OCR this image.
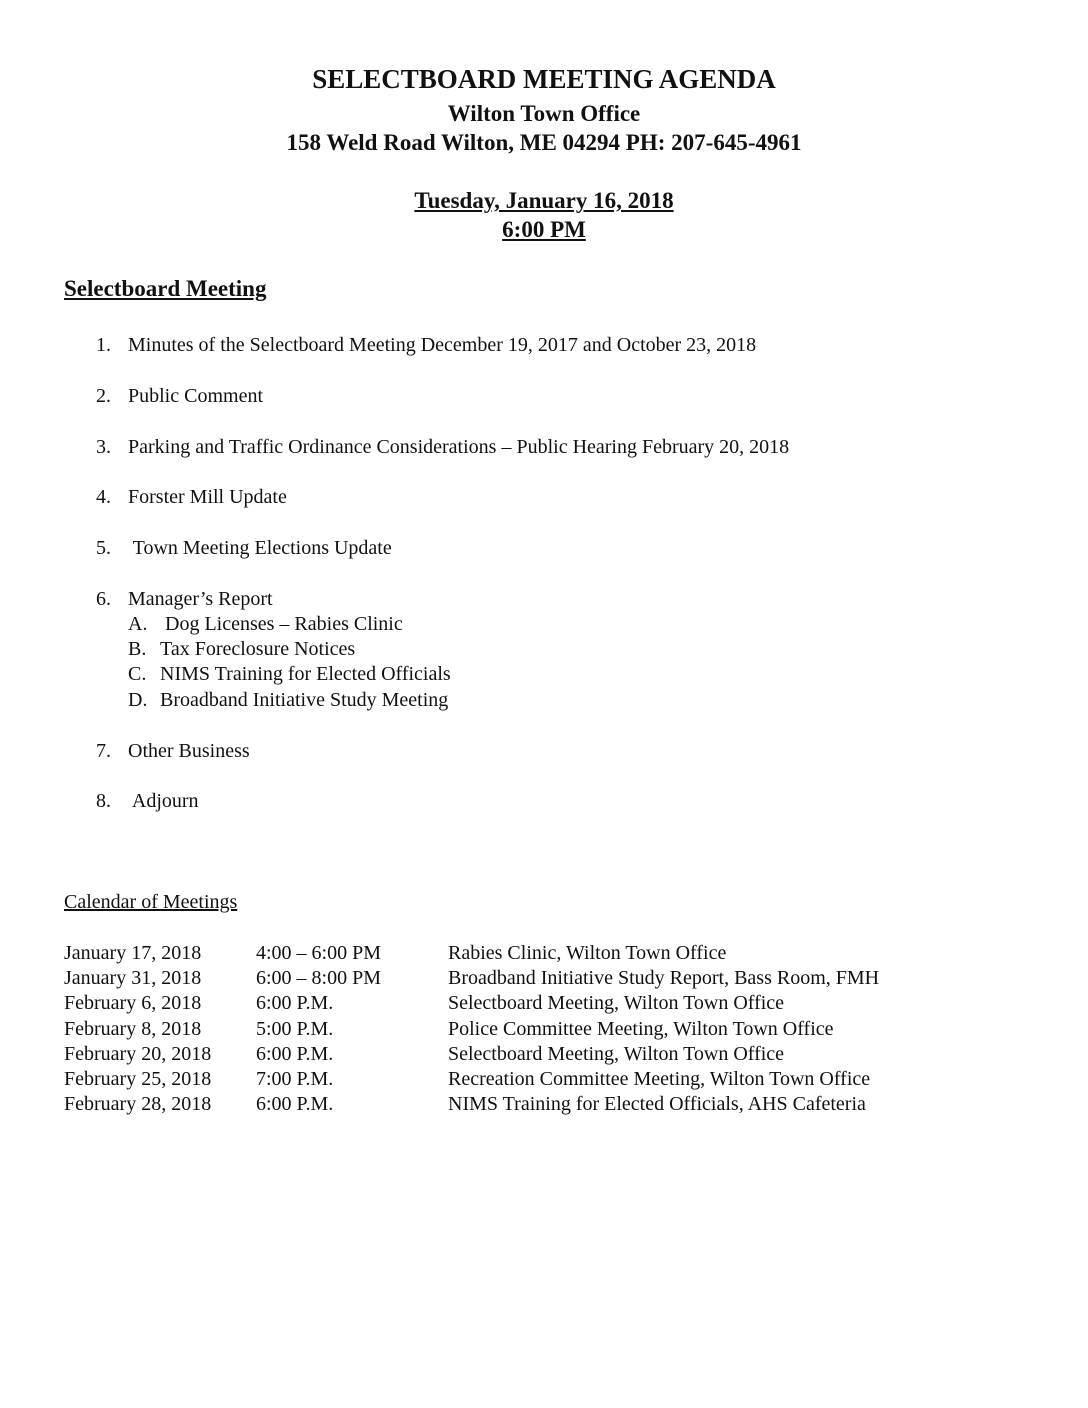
SELECTBOARD MEETING AGENDA
Wilton Town Office
158 Weld Road Wilton, ME 04294 PH: 207-645-4961
Tuesday, January 16, 2018
6:00 PM
Selectboard Meeting
1. Minutes of the Selectboard Meeting December 19, 2017 and October 23, 2018
2. Public Comment
3. Parking and Traffic Ordinance Considerations – Public Hearing February 20, 2018
4. Forster Mill Update
5. Town Meeting Elections Update
6. Manager’s Report
A. Dog Licenses – Rabies Clinic
B. Tax Foreclosure Notices
C. NIMS Training for Elected Officials
D. Broadband Initiative Study Meeting
7. Other Business
8. Adjourn
Calendar of Meetings
January 17, 2018	4:00 – 6:00 PM	Rabies Clinic, Wilton Town Office
January 31, 2018	6:00 – 8:00 PM	Broadband Initiative Study Report, Bass Room, FMH
February 6, 2018	6:00 P.M.	Selectboard Meeting, Wilton Town Office
February 8, 2018	5:00 P.M.	Police Committee Meeting, Wilton Town Office
February 20, 2018 6:00 P.M.	Selectboard Meeting, Wilton Town Office
February 25, 2018 7:00 P.M.	Recreation Committee Meeting, Wilton Town Office
February 28, 2018 6:00 P.M.	NIMS Training for Elected Officials, AHS Cafeteria
